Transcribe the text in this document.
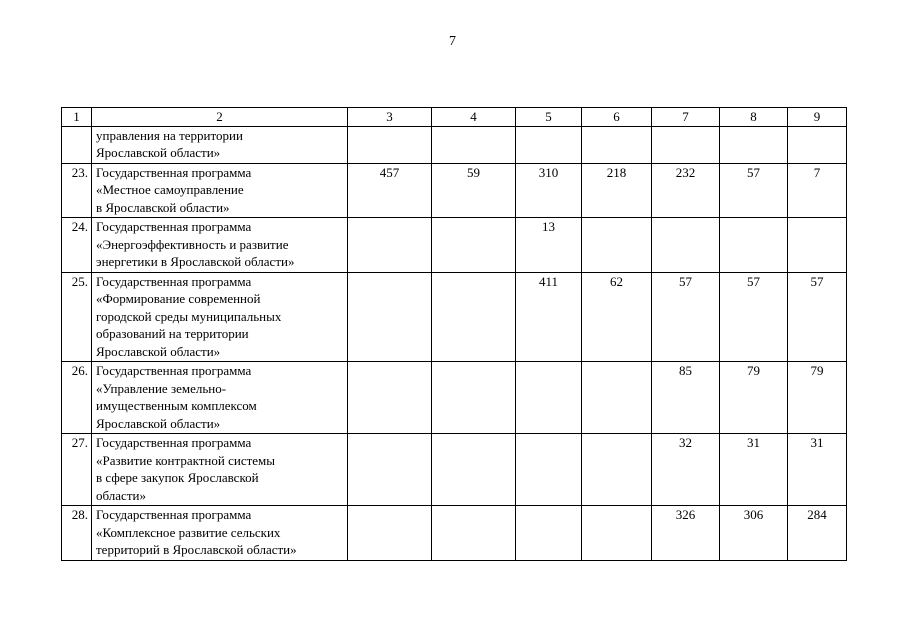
7
1	2	3	4	5	6	7	8	9

	управления на территории
Ярославской области»							

23.	Государственная программа
«Местное самоуправление
в Ярославской области»	457	59	310	218	232	57	7
24.	Государственная программа
«Энергоэффективность и развитие
энергетики в Ярославской области»			13				
25.	Государственная программа
«Формирование современной
городской среды муниципальных
образований на территории
Ярославской области»			411	62	57	57	57
26.	Государственная программа
«Управление земельно-
имущественным комплексом
Ярославской области»					85	79	79
27.	Государственная программа
«Развитие контрактной системы
в сфере закупок Ярославской
области»					32	31	31
28.	Государственная программа
«Комплексное развитие сельских
территорий в Ярославской области»					326	306	284
